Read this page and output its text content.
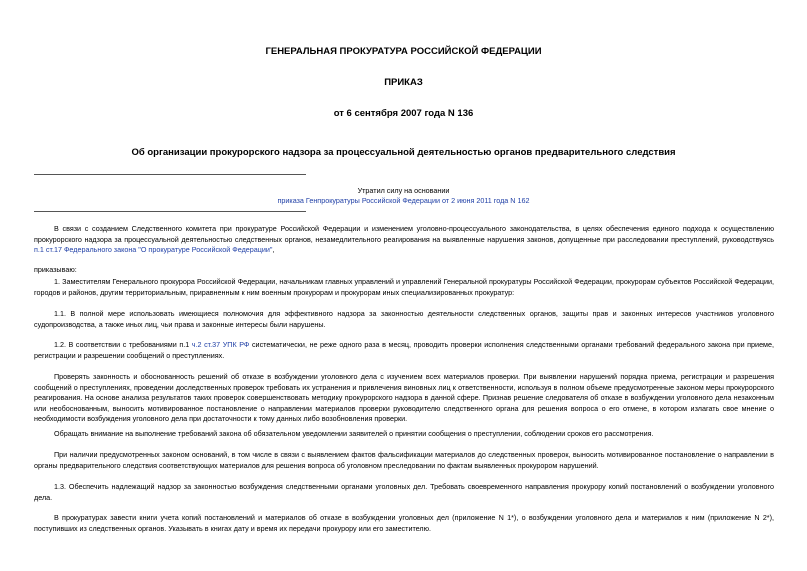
ГЕНЕРАЛЬНАЯ ПРОКУРАТУРА РОССИЙСКОЙ ФЕДЕРАЦИИ
ПРИКАЗ
от 6 сентября 2007 года N 136
Об организации прокурорского надзора за процессуальной деятельностью органов предварительного следствия
Утратил силу на основании
приказа Генпрокуратуры Российской Федерации от 2 июня 2011 года N 162
В связи с созданием Следственного комитета при прокуратуре Российской Федерации и изменением уголовно-процессуального законодательства, в целях обеспечения единого подхода к осуществлению прокурорского надзора за процессуальной деятельностью следственных органов, незамедлительного реагирования на выявленные нарушения законов, допущенные при расследовании преступлений, руководствуясь п.1 ст.17 Федерального закона "О прокуратуре Российской Федерации",
приказываю:
1. Заместителям Генерального прокурора Российской Федерации, начальникам главных управлений и управлений Генеральной прокуратуры Российской Федерации, прокурорам субъектов Российской Федерации, городов и районов, другим территориальным, приравненным к ним военным прокурорам и прокурорам иных специализированных прокуратур:
1.1. В полной мере использовать имеющиеся полномочия для эффективного надзора за законностью деятельности следственных органов, защиты прав и законных интересов участников уголовного судопроизводства, а также иных лиц, чьи права и законные интересы были нарушены.
1.2. В соответствии с требованиями п.1 ч.2 ст.37 УПК РФ систематически, не реже одного раза в месяц, проводить проверки исполнения следственными органами требований федерального закона при приеме, регистрации и разрешении сообщений о преступлениях.
Проверять законность и обоснованность решений об отказе в возбуждении уголовного дела с изучением всех материалов проверки. При выявлении нарушений порядка приема, регистрации и разрешения сообщений о преступлениях, проведении доследственных проверок требовать их устранения и привлечения виновных лиц к ответственности, используя в полном объеме предусмотренные законом меры прокурорского реагирования. На основе анализа результатов таких проверок совершенствовать методику прокурорского надзора в данной сфере. Признав решение следователя об отказе в возбуждении уголовного дела незаконным или необоснованным, выносить мотивированное постановление о направлении материалов проверки руководителю следственного органа для решения вопроса о его отмене, в котором излагать свое мнение о необходимости возбуждения уголовного дела при достаточности к тому данных либо возобновления проверки.
Обращать внимание на выполнение требований закона об обязательном уведомлении заявителей о принятии сообщения о преступлении, соблюдении сроков его рассмотрения.
При наличии предусмотренных законом оснований, в том числе в связи с выявлением фактов фальсификации материалов до следственных проверок, выносить мотивированное постановление о направлении в органы предварительного следствия соответствующих материалов для решения вопроса об уголовном преследовании по фактам выявленных прокурором нарушений.
1.3. Обеспечить надлежащий надзор за законностью возбуждения следственными органами уголовных дел. Требовать своевременного направления прокурору копий постановлений о возбуждении уголовного дела.
В прокуратурах завести книги учета копий постановлений и материалов об отказе в возбуждении уголовных дел (приложение N 1*), о возбуждении уголовного дела и материалов к ним (приложение N 2*), поступивших из следственных органов. Указывать в книгах дату и время их передачи прокурору или его заместителю.
